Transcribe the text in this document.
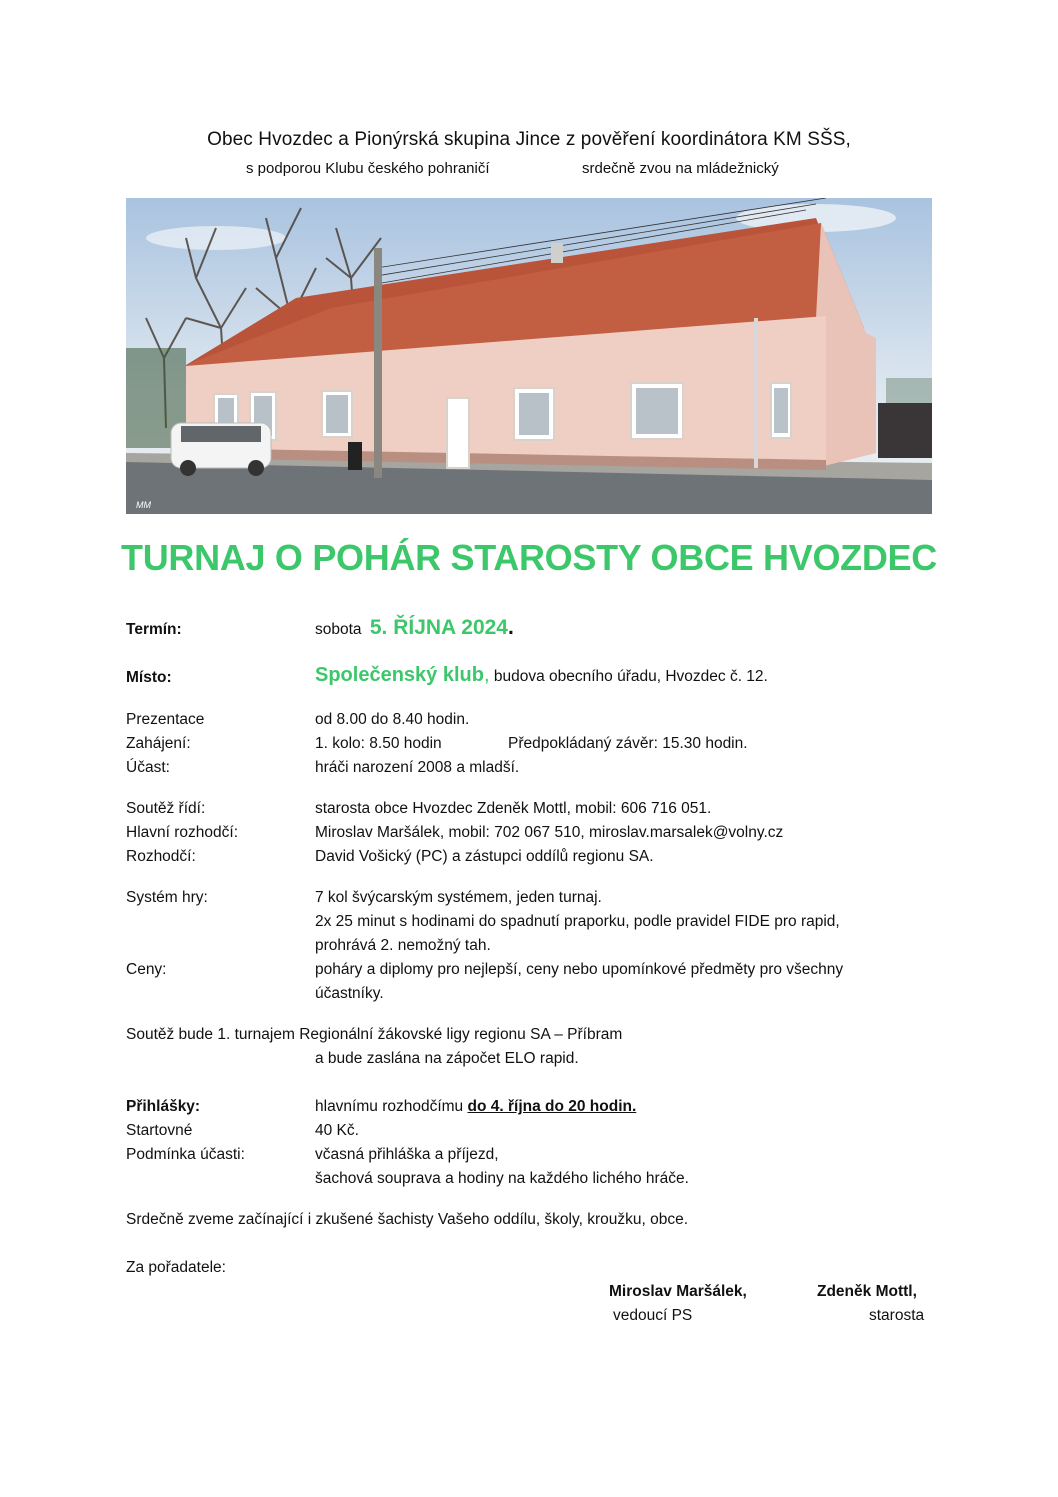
Obec Hvozdec a Pionýrská skupina Jince z pověření koordinátora KM SŠS,
s podporou Klubu českého pohraničí	srdečně zvou na mládežnický
MM
TURNAJ O POHÁR STAROSTY OBCE HVOZDEC
Termín:	sobota 5. ŘÍJNA 2024.
Místo:	Společenský klub, budova obecního úřadu, Hvozdec č. 12.
Prezentace	od 8.00 do 8.40 hodin.
Zahájení:	1. kolo: 8.50 hodin	Předpokládaný závěr: 15.30 hodin.
Účast:	hráči narození 2008 a mladší.
Soutěž řídí:	starosta obce Hvozdec Zdeněk Mottl, mobil: 606 716 051.
Hlavní rozhodčí:	Miroslav Maršálek, mobil: 702 067 510, miroslav.marsalek@volny.cz
Rozhodčí:	David Vošický (PC) a zástupci oddílů regionu SA.
Systém hry:	7 kol švýcarským systémem, jeden turnaj.
2x 25 minut s hodinami do spadnutí praporku, podle pravidel FIDE pro rapid,
prohrává 2. nemožný tah.
Ceny:	poháry a diplomy pro nejlepší, ceny nebo upomínkové předměty pro všechny
účastníky.
Soutěž bude 1. turnajem Regionální žákovské ligy regionu SA – Příbram
a bude zaslána na zápočet ELO rapid.
Přihlášky:	hlavnímu rozhodčímu do 4. října do 20 hodin.
Startovné	40 Kč.
Podmínka účasti:	včasná přihláška a příjezd,
šachová souprava a hodiny na každého lichého hráče.
Srdečně zveme začínající i zkušené šachisty Vašeho oddílu, školy, kroužku, obce.
Za pořadatele:
Miroslav Maršálek,
vedoucí PS
Zdeněk Mottl,
starosta
